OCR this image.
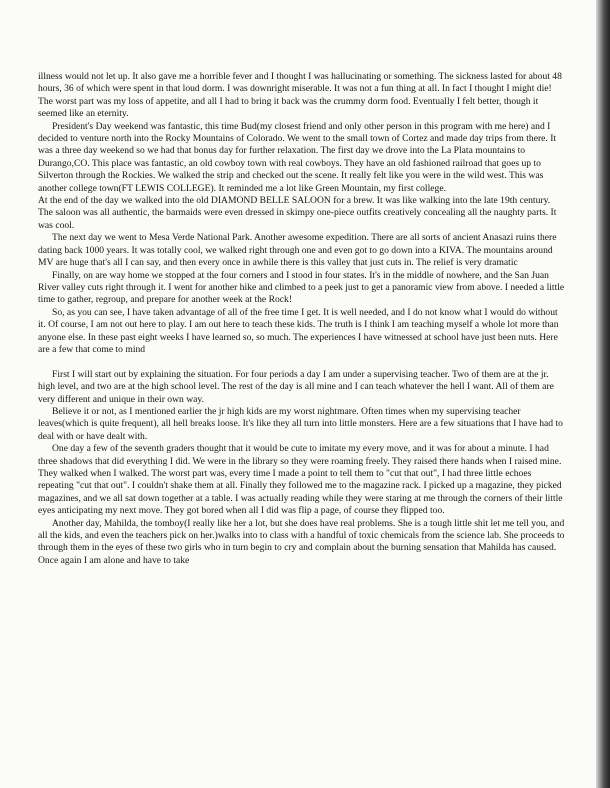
illness would not let up. It also gave me a horrible fever and I thought I was hallucinating or something. The sickness lasted for about 48 hours, 36 of which were spent in that loud dorm. I was downright miserable. It was not a fun thing at all. In fact I thought I might die! The worst part was my loss of appetite, and all I had to bring it back was the crummy dorm food. Eventually I felt better, though it seemed like an eternity.

President's Day weekend was fantastic, this time Bud(my closest friend and only other person in this program with me here) and I decided to venture north into the Rocky Mountains of Colorado. We went to the small town of Cortez and made day trips from there. It was a three day weekend so we had that bonus day for further relaxation. The first day we drove into the La Plata mountains to Durango,CO. This place was fantastic, an old cowboy town with real cowboys. They have an old fashioned railroad that goes up to Silverton through the Rockies. We walked the strip and checked out the scene. It really felt like you were in the wild west. This was another college town(FT LEWIS COLLEGE). It reminded me a lot like Green Mountain, my first college.

At the end of the day we walked into the old DIAMOND BELLE SALOON for a brew. It was like walking into the late 19th century. The saloon was all authentic, the barmaids were even dressed in skimpy one-piece outfits creatively concealing all the naughty parts. It was cool.

The next day we went to Mesa Verde National Park. Another awesome expedition. There are all sorts of ancient Anasazi ruins there dating back 1000 years. It was totally cool, we walked right through one and even got to go down into a KIVA. The mountains around MV are huge that's all I can say, and then every once in awhile there is this valley that just cuts in. The relief is very dramatic

Finally, on are way home we stopped at the four corners and I stood in four states. It's in the middle of nowhere, and the San Juan River valley cuts right through it. I went for another hike and climbed to a peek just to get a panoramic view from above. I needed a little time to gather, regroup, and prepare for another week at the Rock!

So, as you can see, I have taken advantage of all of the free time I get. It is well needed, and I do not know what I would do without it. Of course, I am not out here to play. I am out here to teach these kids. The truth is I think I am teaching myself a whole lot more than anyone else. In these past eight weeks I have learned so, so much. The experiences I have witnessed at school have just been nuts. Here are a few that come to mind

First I will start out by explaining the situation. For four periods a day I am under a supervising teacher. Two of them are at the jr. high level, and two are at the high school level. The rest of the day is all mine and I can teach whatever the hell I want. All of them are very different and unique in their own way.

Believe it or not, as I mentioned earlier the jr high kids are my worst nightmare. Often times when my supervising teacher leaves(which is quite frequent), all hell breaks loose. It's like they all turn into little monsters. Here are a few situations that I have had to deal with or have dealt with.

One day a few of the seventh graders thought that it would be cute to imitate my every move, and it was for about a minute. I had three shadows that did everything I did. We were in the library so they were roaming freely. They raised there hands when I raised mine. They walked when I walked. The worst part was, every time I made a point to tell them to "cut that out", I had three little echoes repeating "cut that out". I couldn't shake them at all. Finally they followed me to the magazine rack. I picked up a magazine, they picked magazines, and we all sat down together at a table. I was actually reading while they were staring at me through the corners of their little eyes anticipating my next move. They got bored when all I did was flip a page, of course they flipped too.

Another day, Mahilda, the tomboy(I really like her a lot, but she does have real problems. She is a tough little shit let me tell you, and all the kids, and even the teachers pick on her.)walks into to class with a handful of toxic chemicals from the science lab. She proceeds to through them in the eyes of these two girls who in turn begin to cry and complain about the burning sensation that Mahilda has caused. Once again I am alone and have to take
